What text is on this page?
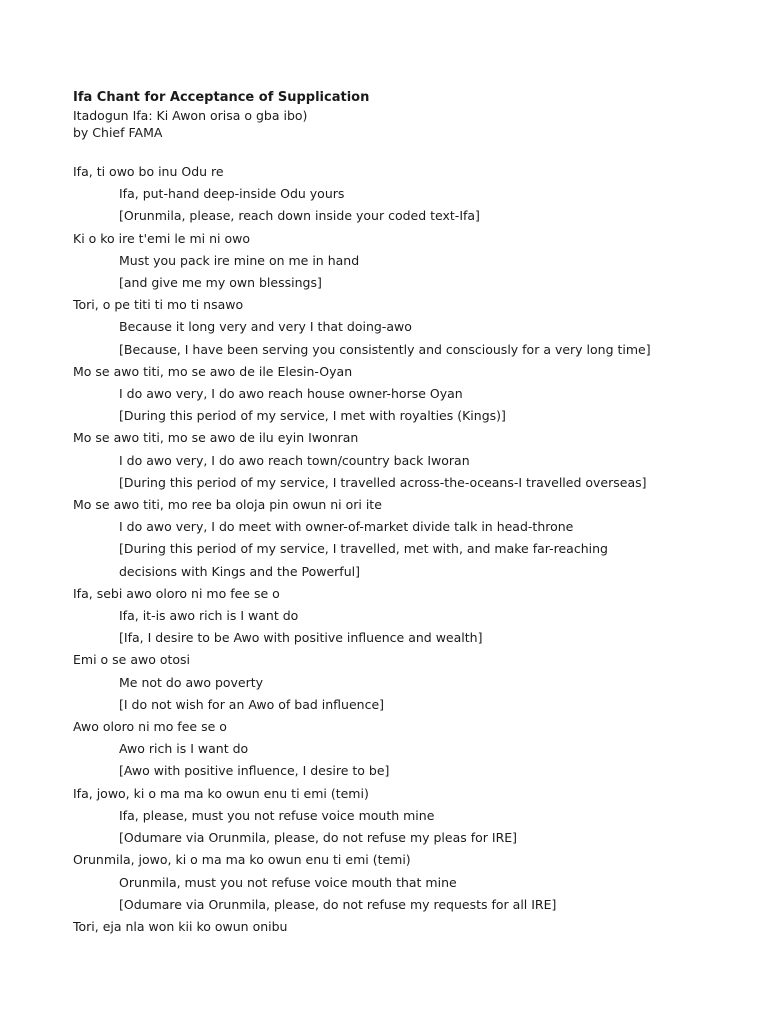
Ifa Chant for Acceptance of Supplication
Itadogun Ifa: Ki Awon orisa o gba ibo)
by Chief FAMA
Ifa, ti owo bo inu Odu re
Ifa, put-hand deep-inside Odu yours
[Orunmila, please, reach down inside your coded text-Ifa]
Ki o ko ire t'emi le mi ni owo
Must you pack ire mine on me in hand
[and give me my own blessings]
Tori, o pe titi ti mo ti nsawo
Because it long very and very I that doing-awo
[Because, I have been serving you consistently and consciously for a very long time]
Mo se awo titi, mo se awo de ile Elesin-Oyan
I do awo very, I do awo reach house owner-horse Oyan
[During this period of my service, I met with royalties (Kings)]
Mo se awo titi, mo se awo de ilu eyin Iwonran
I do awo very, I do awo reach town/country back Iworan
[During this period of my service, I travelled across-the-oceans-I travelled overseas]
Mo se awo titi, mo ree ba oloja pin owun ni ori ite
I do awo very, I do meet with owner-of-market divide talk in head-throne
[During this period of my service, I travelled, met with, and make far-reaching
decisions with Kings and the Powerful]
Ifa, sebi awo oloro ni mo fee se o
Ifa, it-is awo rich is I want do
[Ifa, I desire to be Awo with positive influence and wealth]
Emi o se awo otosi
Me not do awo poverty
[I do not wish for an Awo of bad influence]
Awo oloro ni mo fee se o
Awo rich is I want do
[Awo with positive influence, I desire to be]
Ifa, jowo, ki o ma ma ko owun enu ti emi (temi)
Ifa, please, must you not refuse voice mouth mine
[Odumare via Orunmila, please, do not refuse my pleas for IRE]
Orunmila, jowo, ki o ma ma ko owun enu ti emi (temi)
Orunmila, must you not refuse voice mouth that mine
[Odumare via Orunmila, please, do not refuse my requests for all IRE]
Tori, eja nla won kii ko owun onibu
